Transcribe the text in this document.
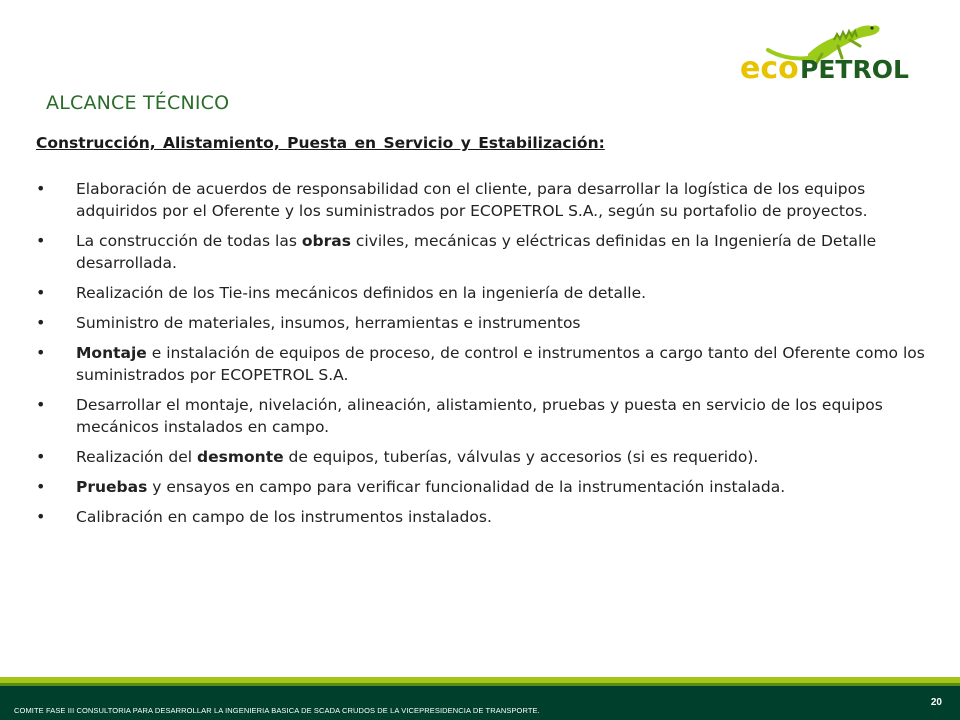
eco PETROL
ALCANCE TÉCNICO
Construcción, Alistamiento, Puesta en Servicio y Estabilización:
• Elaboración de acuerdos de responsabilidad con el cliente, para desarrollar la logística de los equipos adquiridos por el Oferente y los suministrados por ECOPETROL S.A., según su portafolio de proyectos.
• La construcción de todas las obras civiles, mecánicas y eléctricas definidas en la Ingeniería de Detalle desarrollada.
• Realización de los Tie-ins mecánicos definidos en la ingeniería de detalle.
• Suministro de materiales, insumos, herramientas e instrumentos
• Montaje e instalación de equipos de proceso, de control e instrumentos a cargo tanto del Oferente como los suministrados por ECOPETROL S.A.
• Desarrollar el montaje, nivelación, alineación, alistamiento, pruebas y puesta en servicio de los equipos mecánicos instalados en campo.
• Realización del desmonte de equipos, tuberías, válvulas y accesorios (si es requerido).
• Pruebas y ensayos en campo para verificar funcionalidad de la instrumentación instalada.
• Calibración en campo de los instrumentos instalados.
COMITE FASE III CONSULTORIA PARA DESARROLLAR LA INGENIERIA BASICA DE SCADA CRUDOS DE LA VICEPRESIDENCIA DE TRANSPORTE.
20
